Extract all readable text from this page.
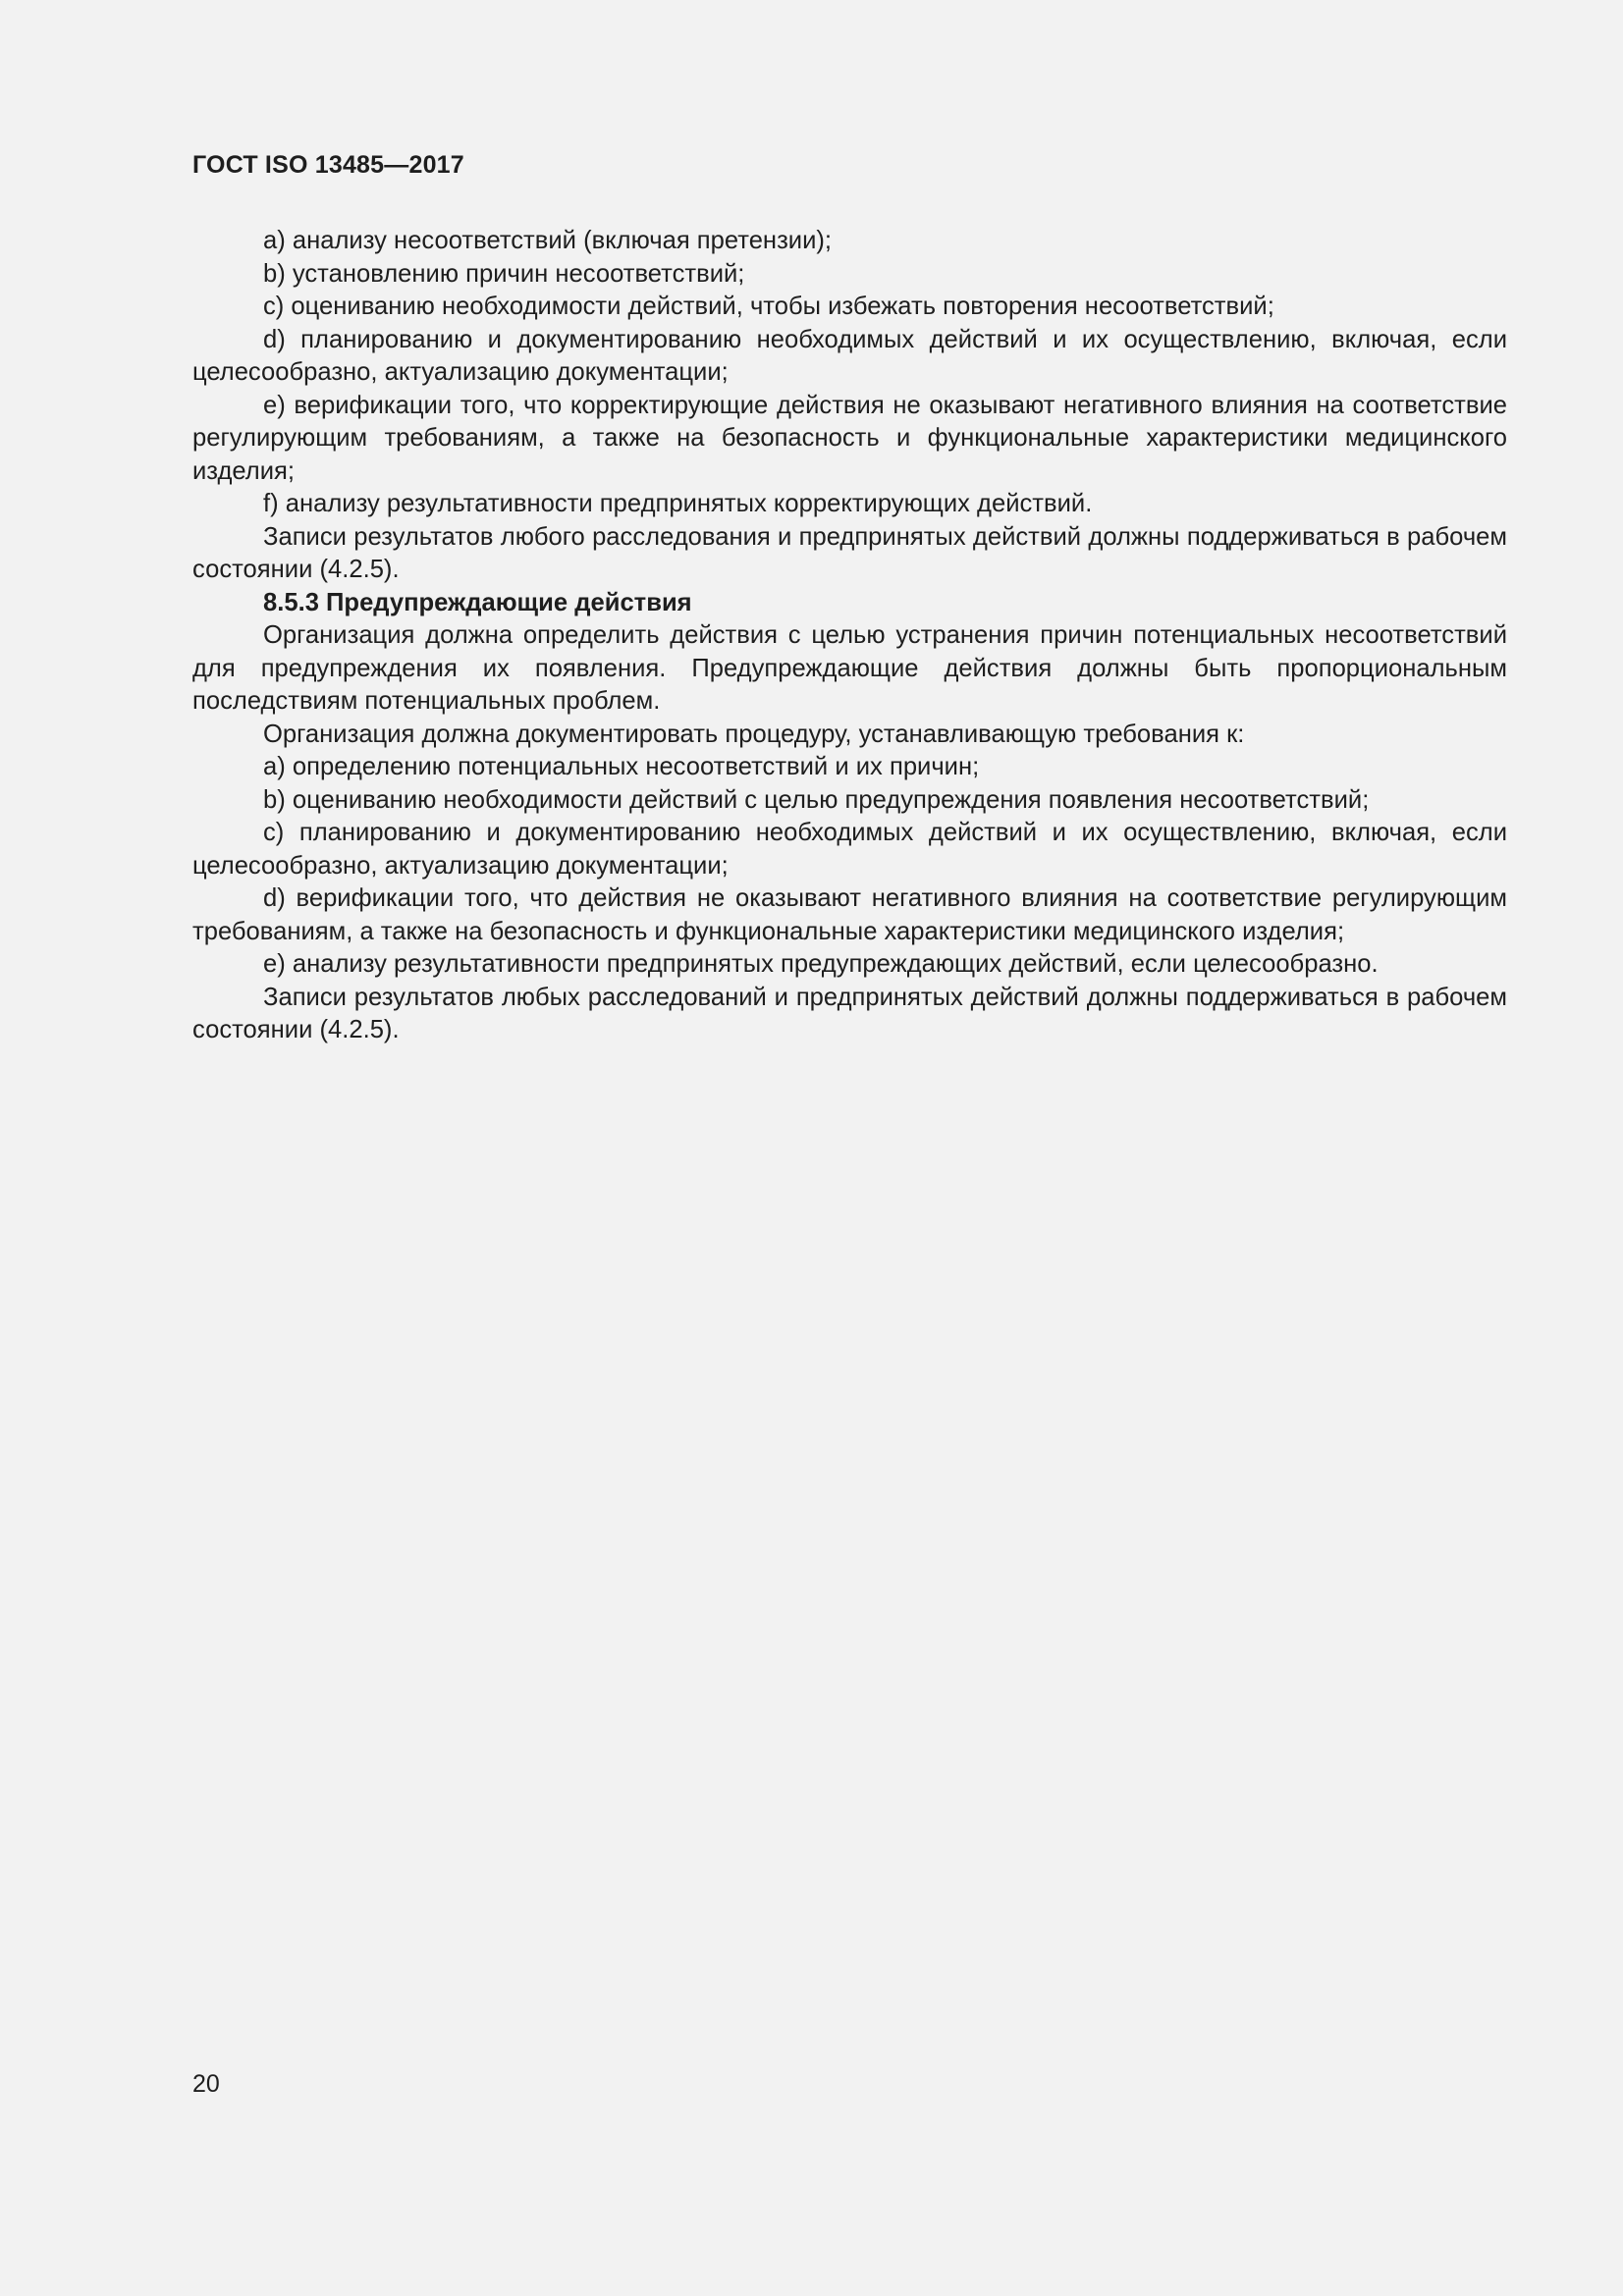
ГОСТ ISO 13485—2017

a) анализу несоответствий (включая претензии);

b) установлению причин несоответствий;

c) оцениванию необходимости действий, чтобы избежать повторения несоответствий;

d) планированию и документированию необходимых действий и их осуществлению, включая, если целесообразно, актуализацию документации;

e) верификации того, что корректирующие действия не оказывают негативного влияния на соответствие регулирующим требованиям, а также на безопасность и функциональные характеристики медицинского изделия;

f) анализу результативности предпринятых корректирующих действий.

Записи результатов любого расследования и предпринятых действий должны поддерживаться в рабочем состоянии (4.2.5).

8.5.3 Предупреждающие действия

Организация должна определить действия с целью устранения причин потенциальных несоответствий для предупреждения их появления. Предупреждающие действия должны быть пропорциональным последствиям потенциальных проблем.

Организация должна документировать процедуру, устанавливающую требования к:

a) определению потенциальных несоответствий и их причин;

b) оцениванию необходимости действий с целью предупреждения появления несоответствий;

c) планированию и документированию необходимых действий и их осуществлению, включая, если целесообразно, актуализацию документации;

d) верификации того, что действия не оказывают негативного влияния на соответствие регулирующим требованиям, а также на безопасность и функциональные характеристики медицинского изделия;

e) анализу результативности предпринятых предупреждающих действий, если целесообразно.

Записи результатов любых расследований и предпринятых действий должны поддерживаться в рабочем состоянии (4.2.5).

20
